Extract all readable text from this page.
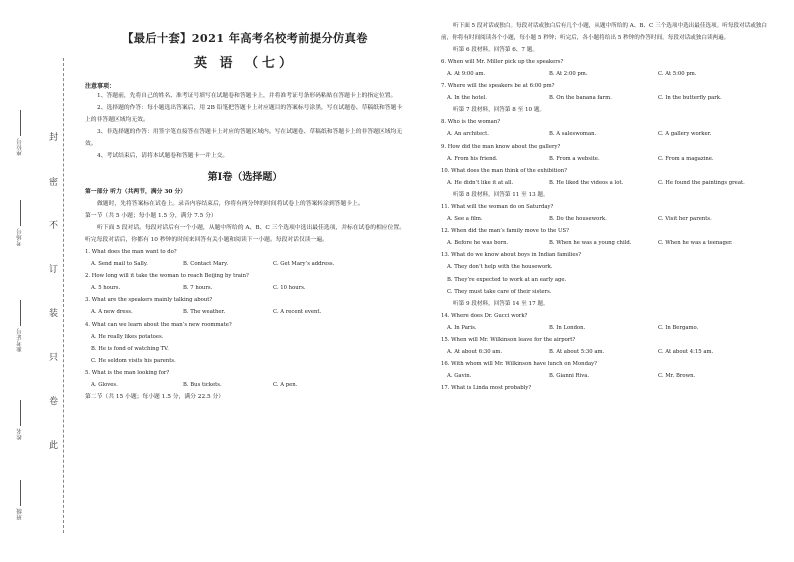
封
密
不
订
装
只
卷
此
座位号
考场号
准考证号
姓名
班级
【最后十套】2021 年高考名校考前提分仿真卷
英 语 （七）
注意事项：

1、答题前，先将自己的姓名、准考证号填写在试题卷和答题卡上，并将准考证号条形码粘贴在答题卡上的指定位置。

2、选择题的作答：每小题选出答案后，用 2B 铅笔把答题卡上对应题目的答案标号涂黑，写在试题卷、草稿纸和答题卡上的非答题区域均无效。

3、非选择题的作答：用签字笔直接答在答题卡上对应的答题区域内。写在试题卷、草稿纸和答题卡上的非答题区域均无效。

4、考试结束后，请将本试题卷和答题卡一并上交。

第Ⅰ卷（选择题）

第一部分 听力（共两节，满分 30 分）

做题时，先将答案标在试卷上。录音内容结束后，你将有两分钟的时间将试卷上的答案转涂到答题卡上。

第一节（共 5 小题；每小题 1.5 分，满分 7.5 分）

听下面 5 段对话。每段对话后有一个小题，从题中所给的 A、B、C 三个选项中选出最佳选项，并标在试卷的相应位置。听完每段对话后，你都有 10 秒钟的时间来回答有关小题和阅读下一小题。每段对话仅读一遍。

1. What does the man want to do?

A. Send mail to Sally.	B. Contact Mary.	C. Get Mary’s address.

2. How long will it take the woman to reach Beijing by train?

A. 5 hours.	B. 7 hours.	C. 10 hours.

3. What are the speakers mainly talking about?

A. A new dress.	B. The weather.	C. A recent event.

4. What can we learn about the man’s new roommate?

A. He really likes potatoes.
B. He is fond of watching TV.
C. He seldom visits his parents.

5. What is the man looking for?

A. Gloves.	B. Bus tickets.	C. A pen.

第二节（共 15 小题；每小题 1.5 分，满分 22.5 分）

听下面 5 段对话或独白。每段对话或独白后有几个小题，从题中所给的 A、B、C 三个选项中选出最佳选项。听每段对话或独白前，你将有时间阅读各个小题，每小题 5 秒钟；听完后，各小题将给出 5 秒钟的作答时间。每段对话或独白读两遍。

听第 6 段材料，回答第 6、7 题。

6. When will Mr. Miller pick up the speakers?

A. At 9:00 am.	B. At 2:00 pm.	C. At 5:00 pm.

7. Where will the speakers be at 6:00 pm?

A. In the hotel.	B. On the banana farm.	C. In the butterfly park.

听第 7 段材料，回答第 8 至 10 题。

8. Who is the woman?

A. An architect.	B. A saleswoman.	C. A gallery worker.

9. How did the man know about the gallery?

A. From his friend.	B. From a website.	C. From a magazine.

10. What does the man think of the exhibition?

A. He didn’t like it at all.	B. He liked the videos a lot.	C. He found the paintings great.

听第 8 段材料，回答第 11 至 13 题。

11. What will the woman do on Saturday?

A. See a film.	B. Do the housework.	C. Visit her parents.

12. When did the man’s family move to the US?

A. Before he was born.	B. When he was a young child.	C. When he was a teenager.

13. What do we know about boys in Indian families?

A. They don’t help with the housework.
B. They’re expected to work at an early age.
C. They must take care of their sisters.

听第 9 段材料，回答第 14 至 17 题。

14. Where does Dr. Gucci work?

A. In Paris.	B. In London.	C. In Bergamo.

15. When will Mr. Wilkinson leave for the airport?

A. At about 6:30 am.	B. At about 5:30 am.	C. At about 4:15 am.

16. With whom will Mr. Wilkinson have lunch on Monday?

A. Gavin.	B. Gianni Riva.	C. Mr. Brown.

17. What is Linda most probably?
